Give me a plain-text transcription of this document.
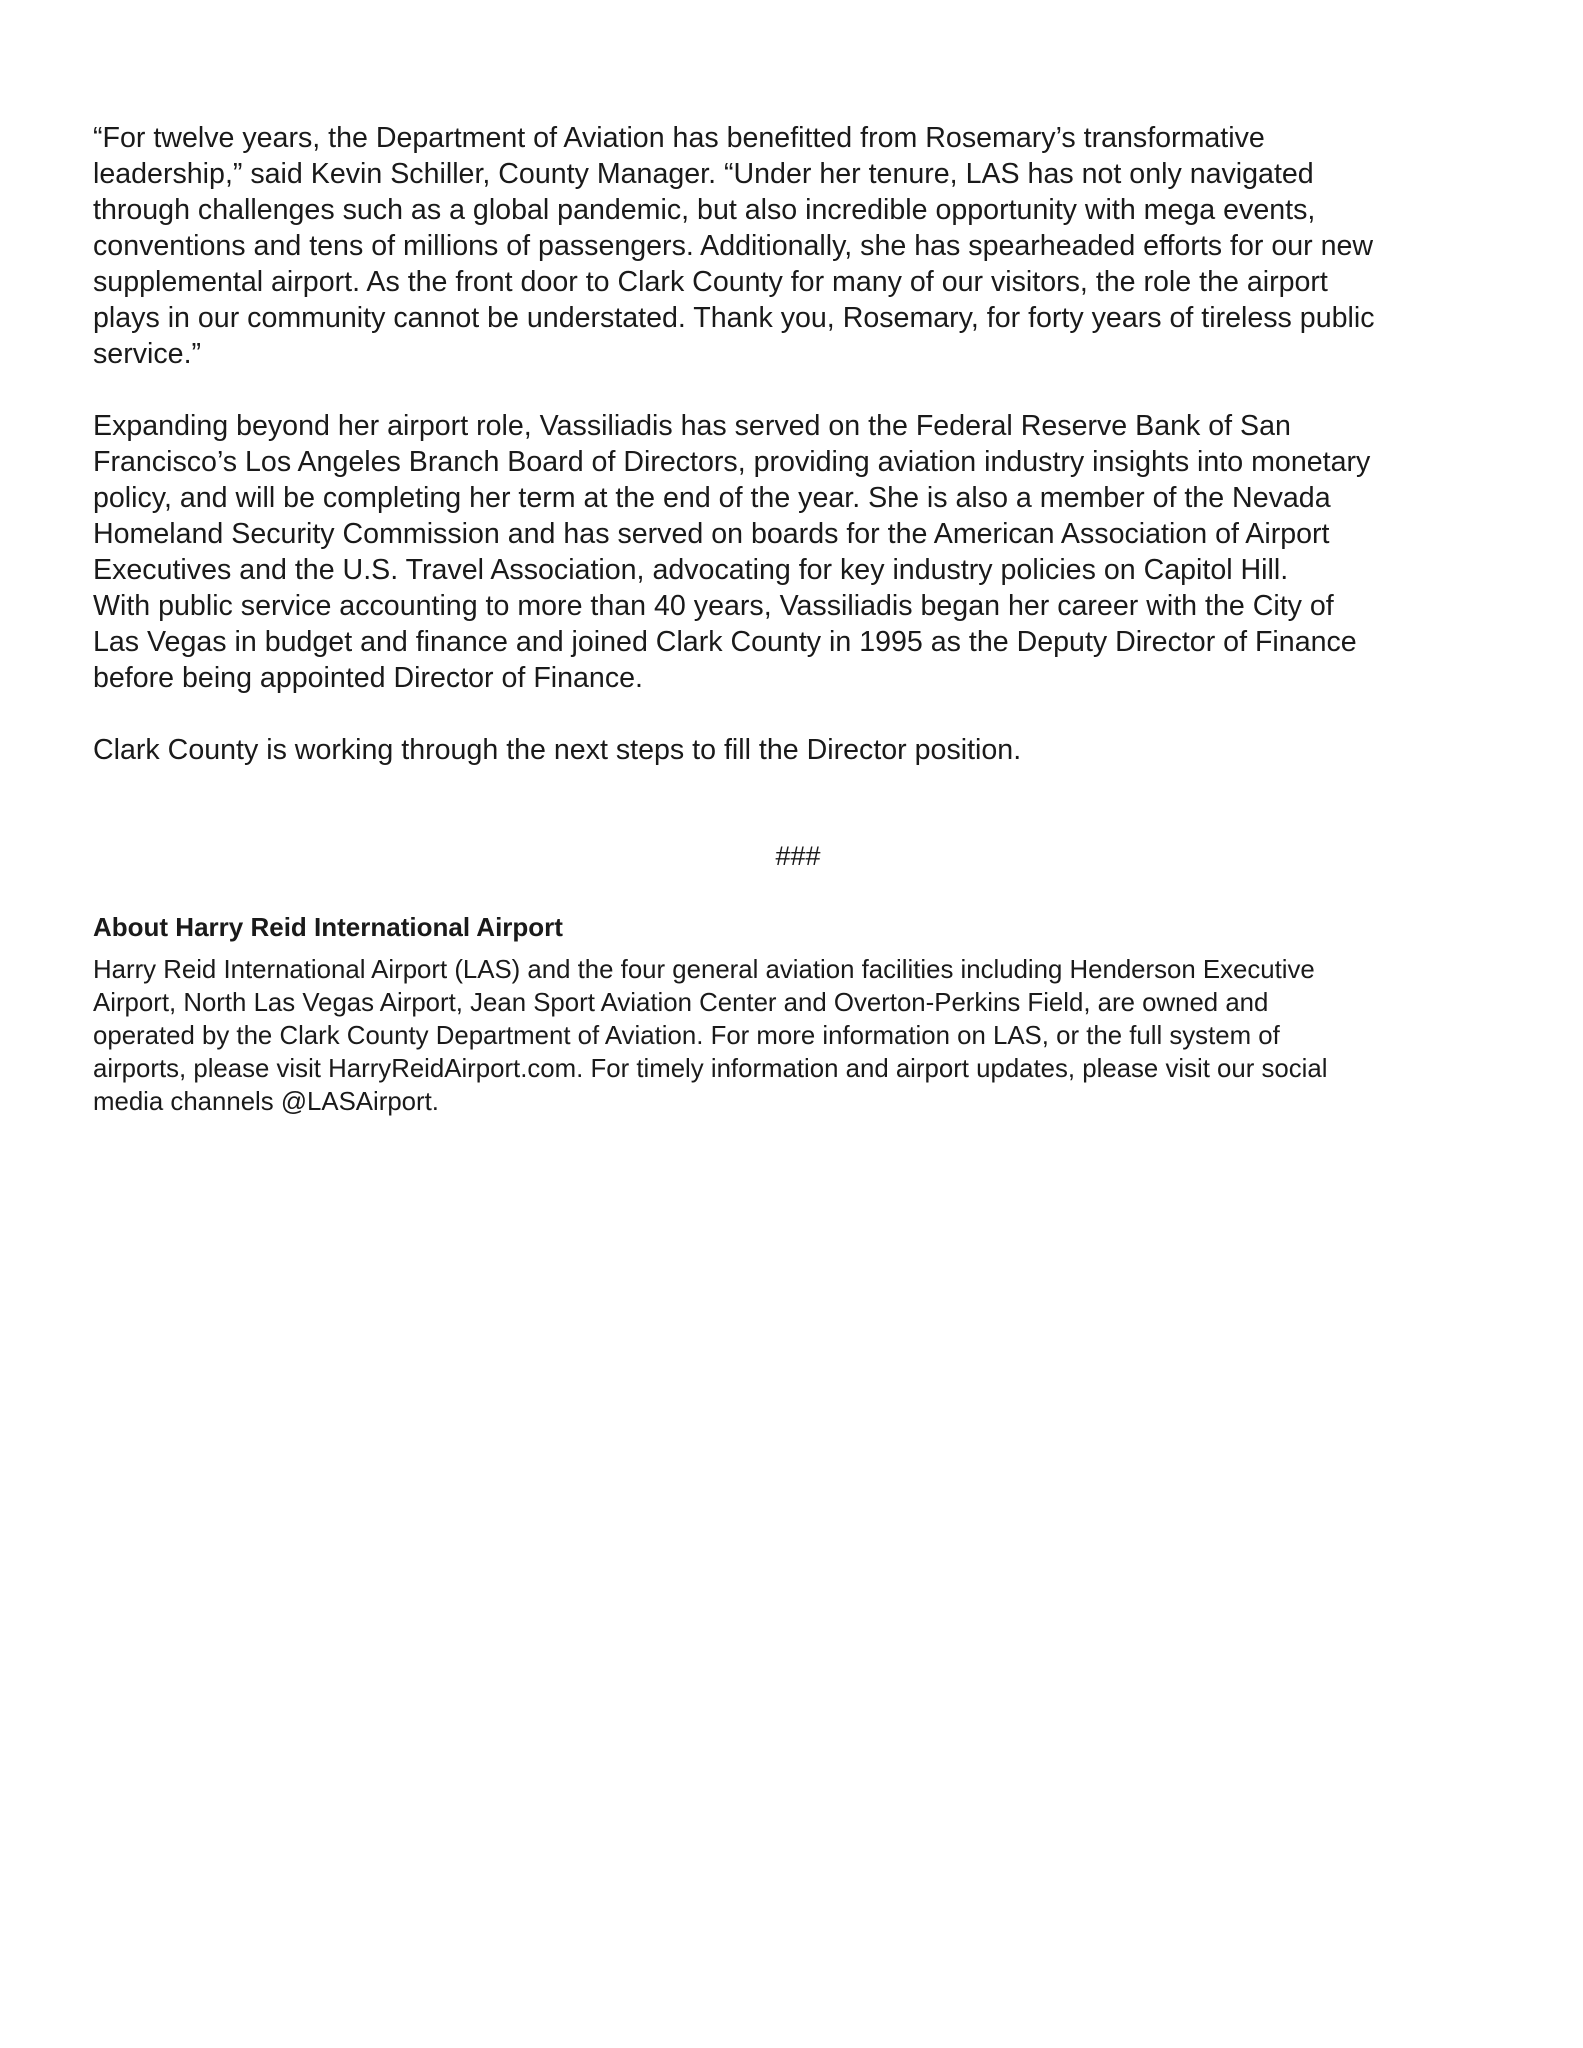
“For twelve years, the Department of Aviation has benefitted from Rosemary’s transformative
leadership,” said Kevin Schiller, County Manager. “Under her tenure, LAS has not only navigated
through challenges such as a global pandemic, but also incredible opportunity with mega events,
conventions and tens of millions of passengers. Additionally, she has spearheaded efforts for our new
supplemental airport. As the front door to Clark County for many of our visitors, the role the airport
plays in our community cannot be understated. Thank you, Rosemary, for forty years of tireless public
service.”

Expanding beyond her airport role, Vassiliadis has served on the Federal Reserve Bank of San
Francisco’s Los Angeles Branch Board of Directors, providing aviation industry insights into monetary
policy, and will be completing her term at the end of the year. She is also a member of the Nevada
Homeland Security Commission and has served on boards for the American Association of Airport
Executives and the U.S. Travel Association, advocating for key industry policies on Capitol Hill.
With public service accounting to more than 40 years, Vassiliadis began her career with the City of
Las Vegas in budget and finance and joined Clark County in 1995 as the Deputy Director of Finance
before being appointed Director of Finance.

Clark County is working through the next steps to fill the Director position.

###
About Harry Reid International Airport

Harry Reid International Airport (LAS) and the four general aviation facilities including Henderson Executive
Airport, North Las Vegas Airport, Jean Sport Aviation Center and Overton-Perkins Field, are owned and
operated by the Clark County Department of Aviation. For more information on LAS, or the full system of
airports, please visit HarryReidAirport.com. For timely information and airport updates, please visit our social
media channels @LASAirport.
